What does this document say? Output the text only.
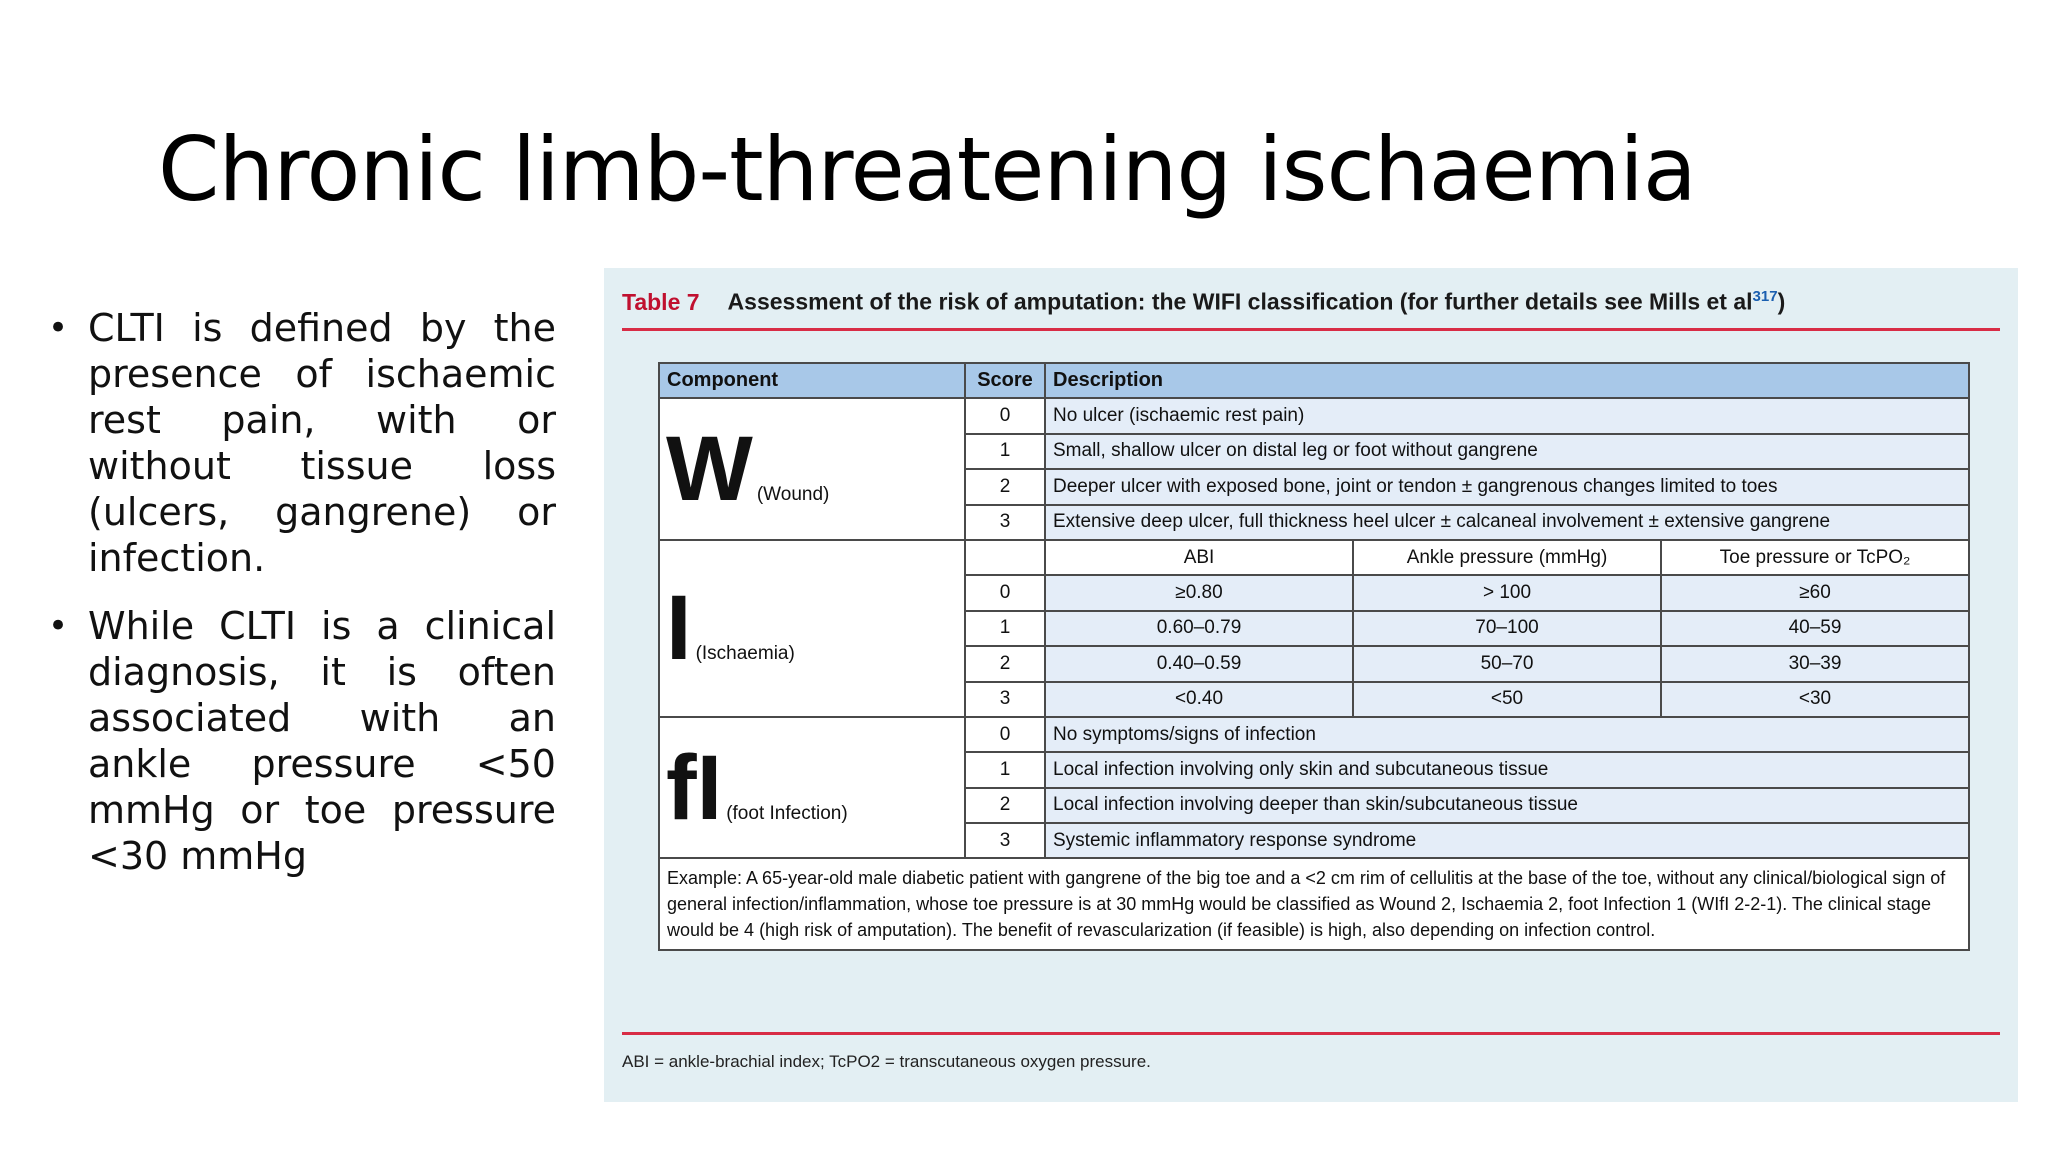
Chronic limb-threatening ischaemia
• CLTI is defined by the presence of ischaemic rest pain, with or without tissue loss (ulcers, gangrene) or infection.
• While CLTI is a clinical diagnosis, it is often associated with an ankle pressure <50 mmHg or toe pressure <30 mmHg
Table 7 Assessment of the risk of amputation: the WIFI classification (for further details see Mills et $al^{317}$)
Component	Score	Description		
W (Wound)	0	No ulcer (ischaemic rest pain)		
	1	Small, shallow ulcer on distal leg or foot without gangrene		
	2	Deeper ulcer with exposed bone, joint or tendon ± gangrenous changes limited to toes		
	3	Extensive deep ulcer, full thickness heel ulcer ± calcaneal involvement ± extensive gangrene		
I (Ischaemia)		ABI	Ankle pressure (mmHg)	Toe pressure or TcPO₂
	0	≥0.80	> 100	≥60
	1	0.60–0.79	70–100	40–59
	2	0.40–0.59	50–70	30–39
	3	<0.40	<50	<30
fI (foot Infection)	0	No symptoms/signs of infection		
	1	Local infection involving only skin and subcutaneous tissue		
	2	Local infection involving deeper than skin/subcutaneous tissue		
	3	Systemic inflammatory response syndrome		
Example: A 65-year-old male diabetic patient with gangrene of the big toe and a <2 cm rim of cellulitis at the base of the toe, without any clinical/biological sign of general infection/inflammation, whose toe pressure is at 30 mmHg would be classified as Wound 2, Ischaemia 2, foot Infection 1 (WIfI 2-2-1). The clinical stage would be 4 (high risk of amputation). The benefit of revascularization (if feasible) is high, also depending on infection control.				
ABI = ankle-brachial index; TcPO2 = transcutaneous oxygen pressure.
